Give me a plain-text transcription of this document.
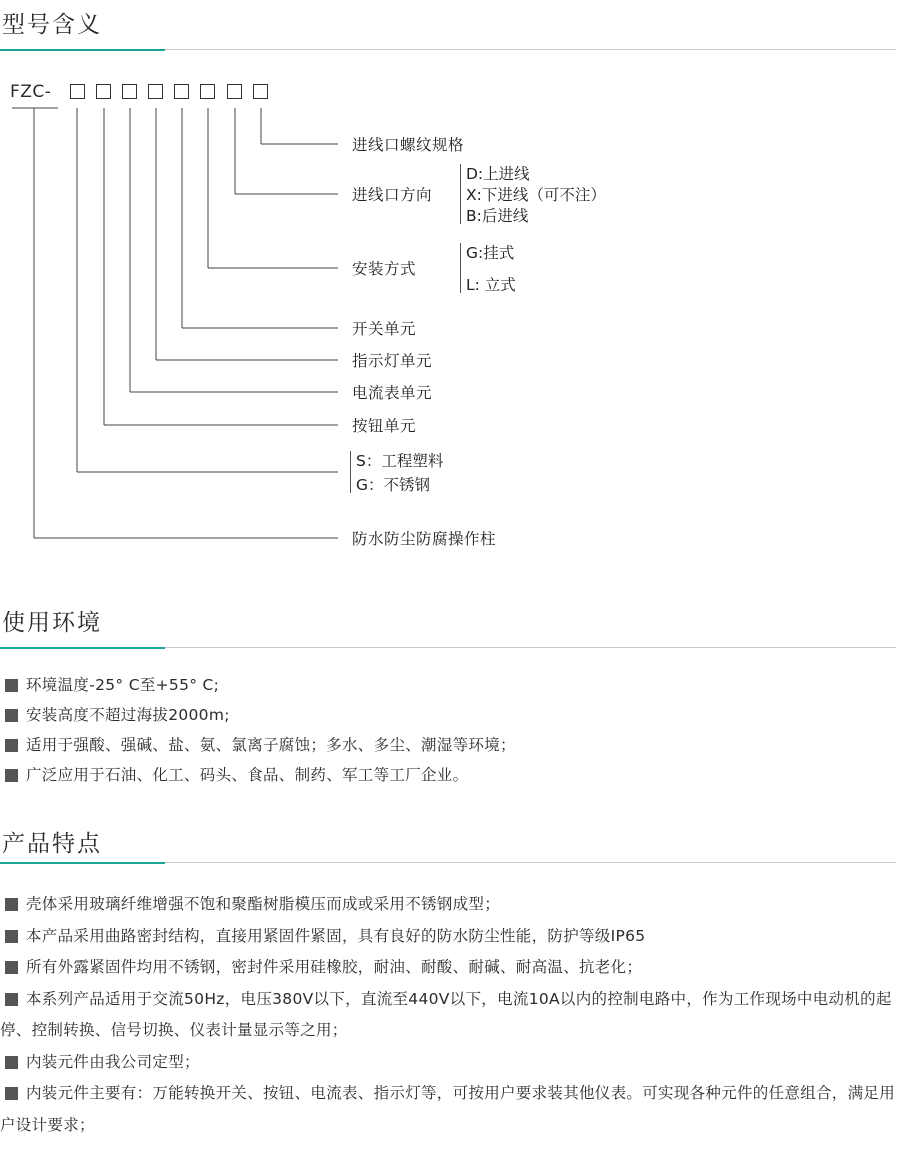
型号含义
FZC-
进线口螺纹规格
进线口方向
D:上进线
X:下进线（可不注）
B:后进线
安装方式
G:挂式
L: 立式
开关单元
指示灯单元
电流表单元
按钮单元
S：工程塑料
G：不锈钢
防水防尘防腐操作柱
使用环境
环境温度-25° C至+55° C;
安装高度不超过海拔2000m;
适用于强酸、强碱、盐、氨、氯离子腐蚀；多水、多尘、潮湿等环境；
广泛应用于石油、化工、码头、食品、制药、军工等工厂企业。
产品特点
壳体采用玻璃纤维增强不饱和聚酯树脂模压而成或采用不锈钢成型；
本产品采用曲路密封结构，直接用紧固件紧固，具有良好的防水防尘性能，防护等级IP65
所有外露紧固件均用不锈钢，密封件采用硅橡胶，耐油、耐酸、耐碱、耐高温、抗老化；
本系列产品适用于交流50Hz，电压380V以下，直流至440V以下，电流10A以内的控制电路中，作为工作现场中电动机的起停、控制转换、信号切换、仪表计量显示等之用；
内装元件由我公司定型；
内装元件主要有：万能转换开关、按钮、电流表、指示灯等，可按用户要求装其他仪表。可实现各种元件的任意组合，满足用户设计要求；
